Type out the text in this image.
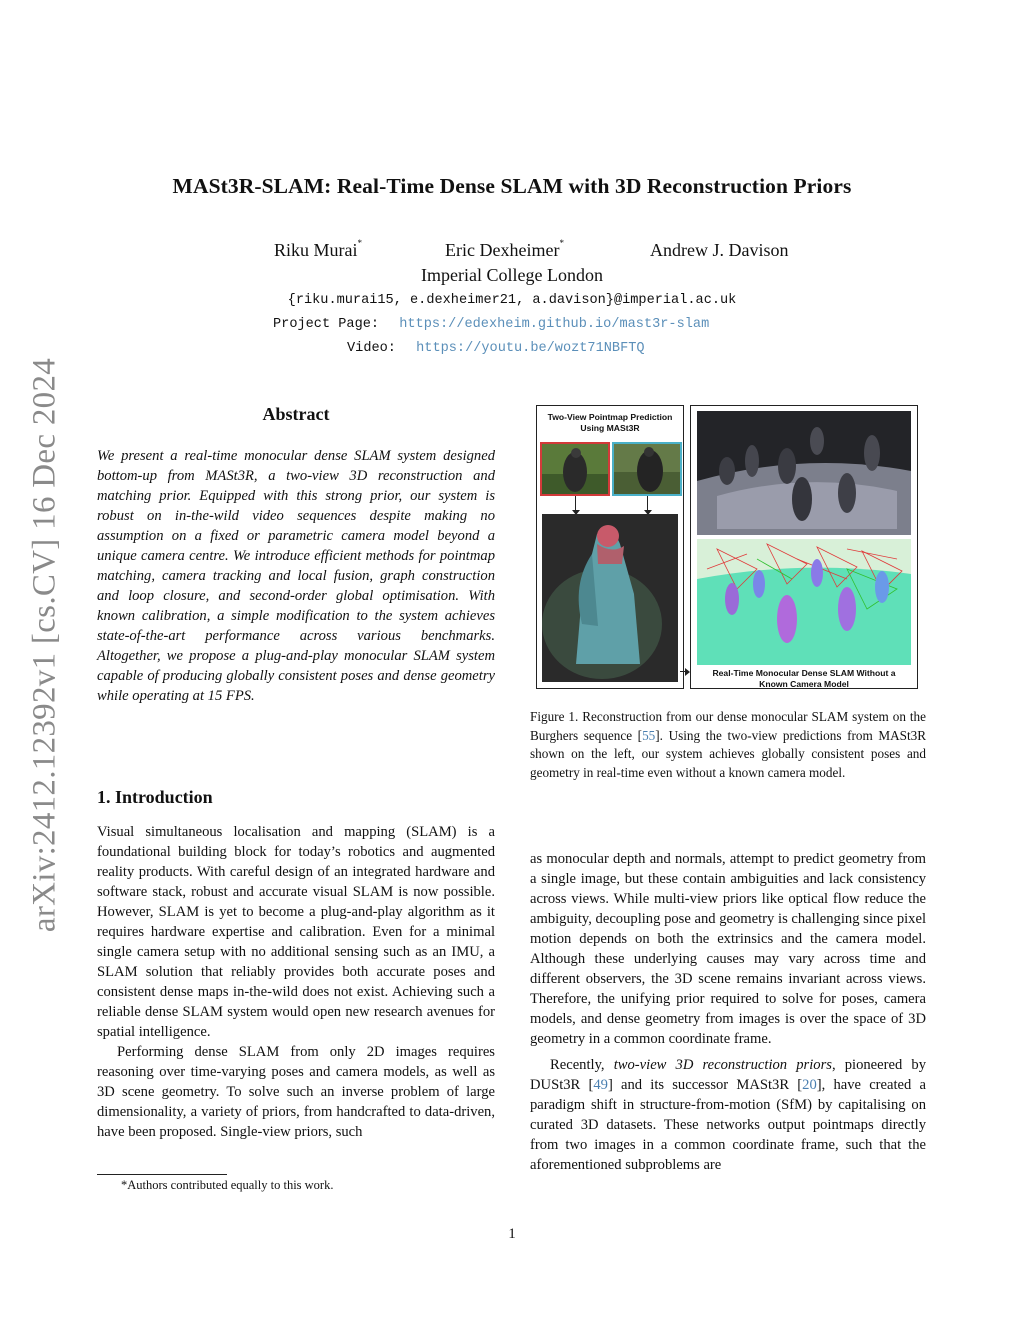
arXiv:2412.12392v1 [cs.CV] 16 Dec 2024
MASt3R-SLAM: Real-Time Dense SLAM with 3D Reconstruction Priors
Riku Murai*	Eric Dexheimer*	Andrew J. Davison
Imperial College London
{riku.murai15, e.dexheimer21, a.davison}@imperial.ac.uk
Project Page: https://edexheim.github.io/mast3r-slam
Video: https://youtu.be/wozt71NBFTQ
Abstract

We present a real-time monocular dense SLAM system designed bottom-up from MASt3R, a two-view 3D reconstruction and matching prior. Equipped with this strong prior, our system is robust on in-the-wild video sequences despite making no assumption on a fixed or parametric camera model beyond a unique camera centre. We introduce efficient methods for pointmap matching, camera tracking and local fusion, graph construction and loop closure, and second-order global optimisation. With known calibration, a simple modification to the system achieves state-of-the-art performance across various benchmarks. Altogether, we propose a plug-and-play monocular SLAM system capable of producing globally consistent poses and dense geometry while operating at 15 FPS.

1. Introduction

Visual simultaneous localisation and mapping (SLAM) is a foundational building block for today’s robotics and augmented reality products. With careful design of an integrated hardware and software stack, robust and accurate visual SLAM is now possible. However, SLAM is yet to become a plug-and-play algorithm as it requires hardware expertise and calibration. Even for a minimal single camera setup with no additional sensing such as an IMU, a SLAM solution that reliably provides both accurate poses and consistent dense maps in-the-wild does not exist. Achieving such a reliable dense SLAM system would open new research avenues for spatial intelligence.

Performing dense SLAM from only 2D images requires reasoning over time-varying poses and camera models, as well as 3D scene geometry. To solve such an inverse problem of large dimensionality, a variety of priors, from handcrafted to data-driven, have been proposed. Single-view priors, such

*Authors contributed equally to this work.
Two-View Pointmap Prediction Using MASt3R
Real-Time Monocular Dense SLAM Without a Known Camera Model
Figure 1. Reconstruction from our dense monocular SLAM system on the Burghers sequence [55]. Using the two-view predictions from MASt3R shown on the left, our system achieves globally consistent poses and geometry in real-time even without a known camera model.

as monocular depth and normals, attempt to predict geometry from a single image, but these contain ambiguities and lack consistency across views. While multi-view priors like optical flow reduce the ambiguity, decoupling pose and geometry is challenging since pixel motion depends on both the extrinsics and the camera model. Although these underlying causes may vary across time and different observers, the 3D scene remains invariant across views. Therefore, the unifying prior required to solve for poses, camera models, and dense geometry from images is over the space of 3D geometry in a common coordinate frame.

Recently, two-view 3D reconstruction priors, pioneered by DUSt3R [49] and its successor MASt3R [20], have created a paradigm shift in structure-from-motion (SfM) by capitalising on curated 3D datasets. These networks output pointmaps directly from two images in a common coordinate frame, such that the aforementioned subproblems are

1
